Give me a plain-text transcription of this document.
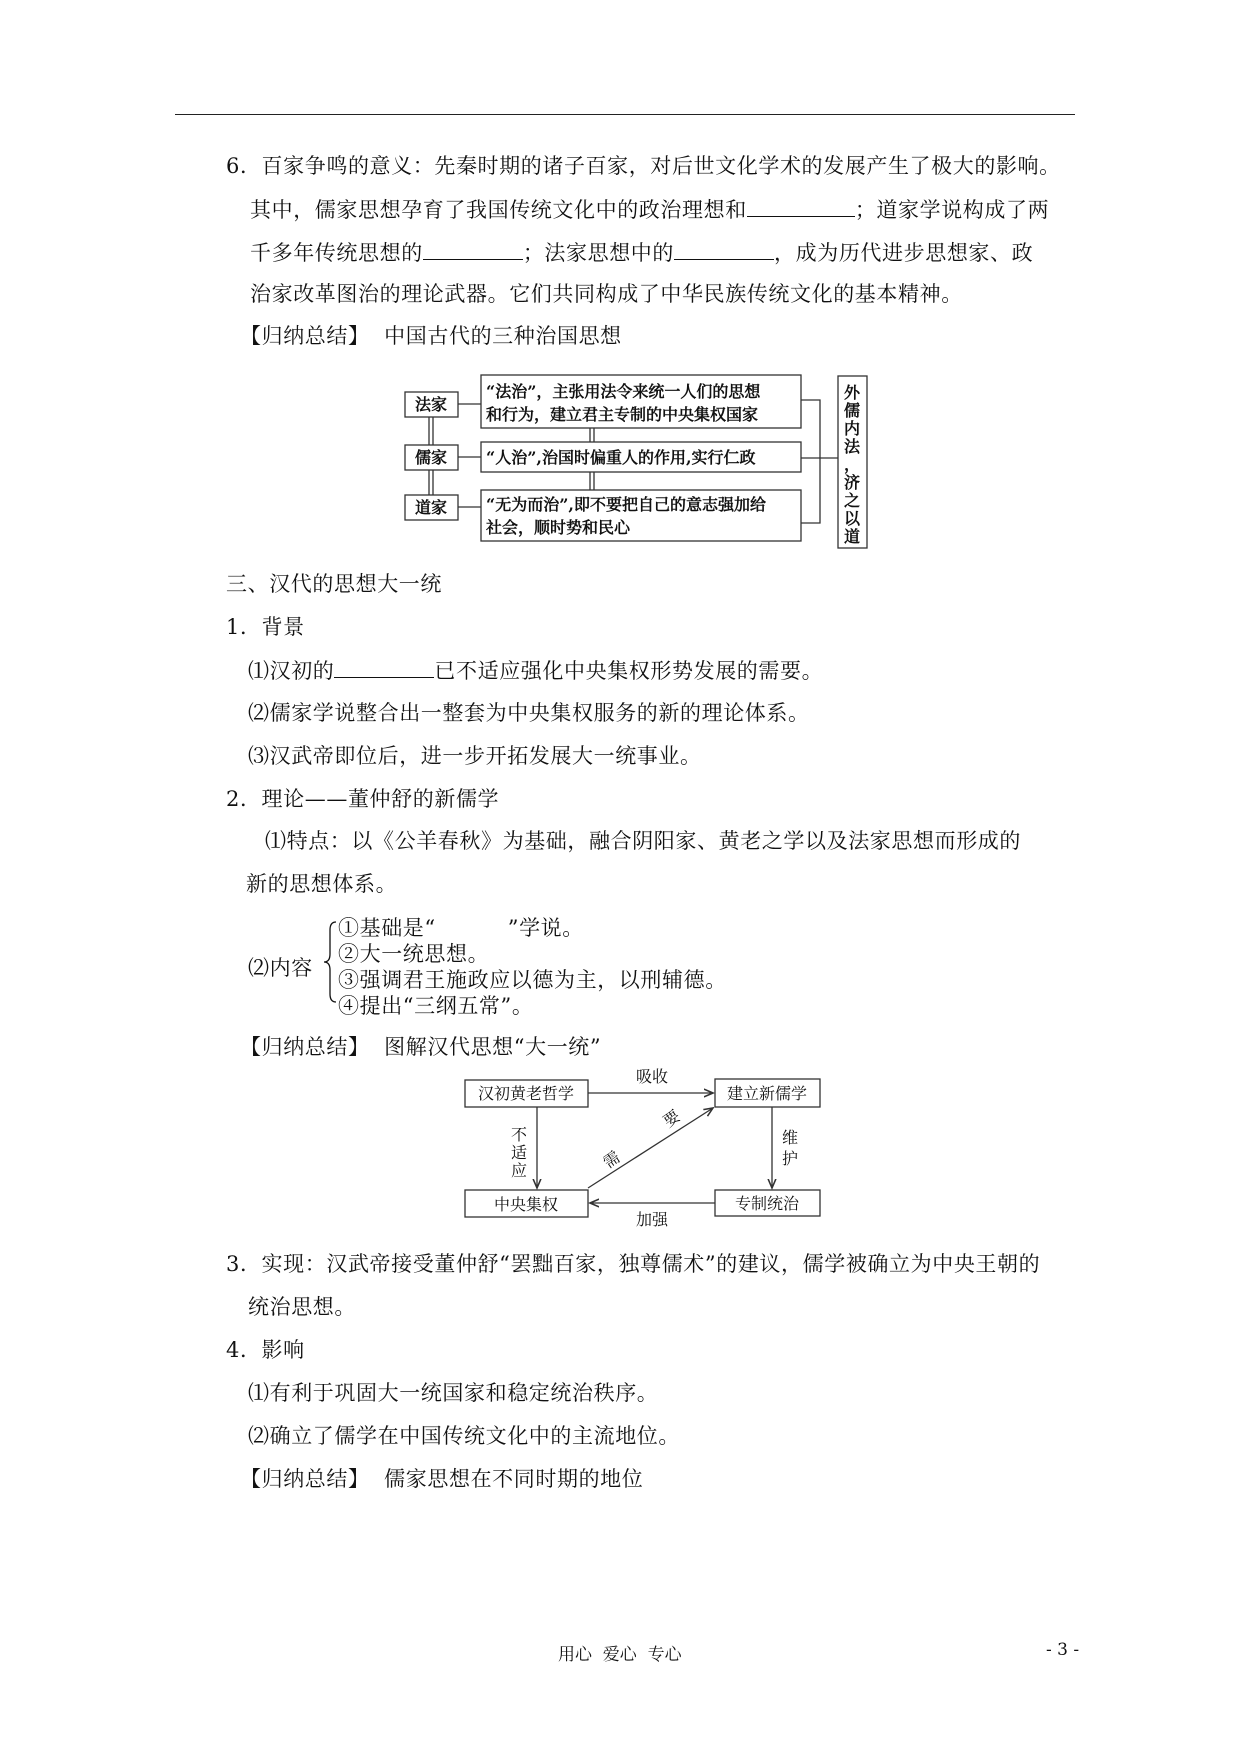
6．百家争鸣的意义：先秦时期的诸子百家，对后世文化学术的发展产生了极大的影响。
其中，儒家思想孕育了我国传统文化中的政治理想和	；道家学说构成了两
千多年传统思想的	；法家思想中的	，成为历代进步思想家、政
治家改革图治的理论武器。它们共同构成了中华民族传统文化的基本精神。
【归纳总结】 中国古代的三种治国思想
法家
儒家
道家
“法治”，主张用法令来统一人们的思想
和行为，建立君主专制的中央集权国家
“人治”,治国时偏重人的作用,实行仁政
“无为而治”,即不要把自己的意志强加给
社会，顺时势和民心
外
儒
内
法
，
济
之
以
道
汉初黄老哲学	建立新儒学
中央集权	专制统治
吸收
不
适
应
维
护
加强
需
要
三、汉代的思想大一统
1．背景
⑴汉初的	已不适应强化中央集权形势发展的需要。
⑵儒家学说整合出一整套为中央集权服务的新的理论体系。
⑶汉武帝即位后，进一步开拓发展大一统事业。
2．理论——董仲舒的新儒学
⑴特点：以《公羊春秋》为基础，融合阴阳家、黄老之学以及法家思想而形成的
新的思想体系。
⑵内容
①基础是“	”学说。
②大一统思想。
③强调君王施政应以德为主，以刑辅德。
④提出“三纲五常”。
【归纳总结】 图解汉代思想“大一统”
3．实现：汉武帝接受董仲舒“罢黜百家，独尊儒术”的建议，儒学被确立为中央王朝的
统治思想。
4．影响
⑴有利于巩固大一统国家和稳定统治秩序。
⑵确立了儒学在中国传统文化中的主流地位。
【归纳总结】 儒家思想在不同时期的地位
用心  爱心  专心	- 3 -
